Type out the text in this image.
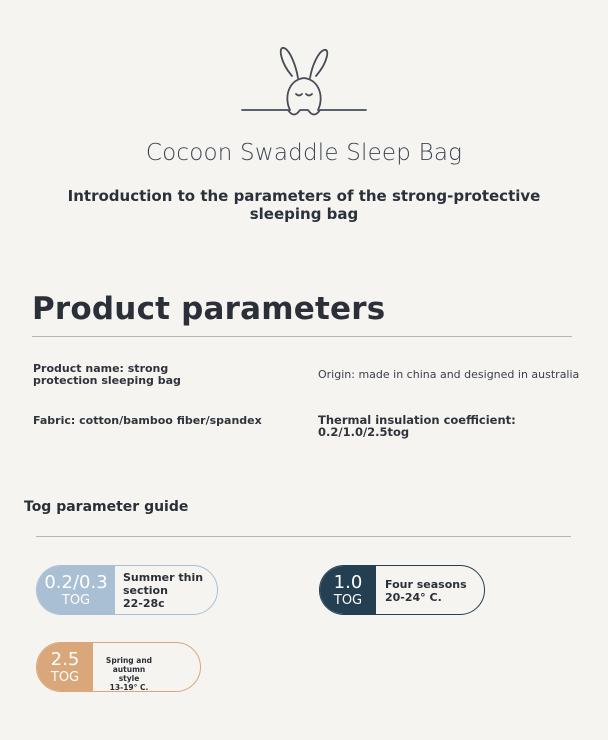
Cocoon Swaddle Sleep Bag
Introduction to the parameters of the strong-protective sleeping bag
Product parameters
Product name: strong protection sleeping bag	Origin: made in china and designed in australia
Fabric: cotton/bamboo fiber/spandex	Thermal insulation coefficient: 0.2/1.0/2.5tog
Tog parameter guide
0.2/0.3
TOG
Summer thin
section
22-28c
1.0
TOG
Four seasons
20-24° C.
2.5
TOG
Spring and
autumn style
13-19° C.
